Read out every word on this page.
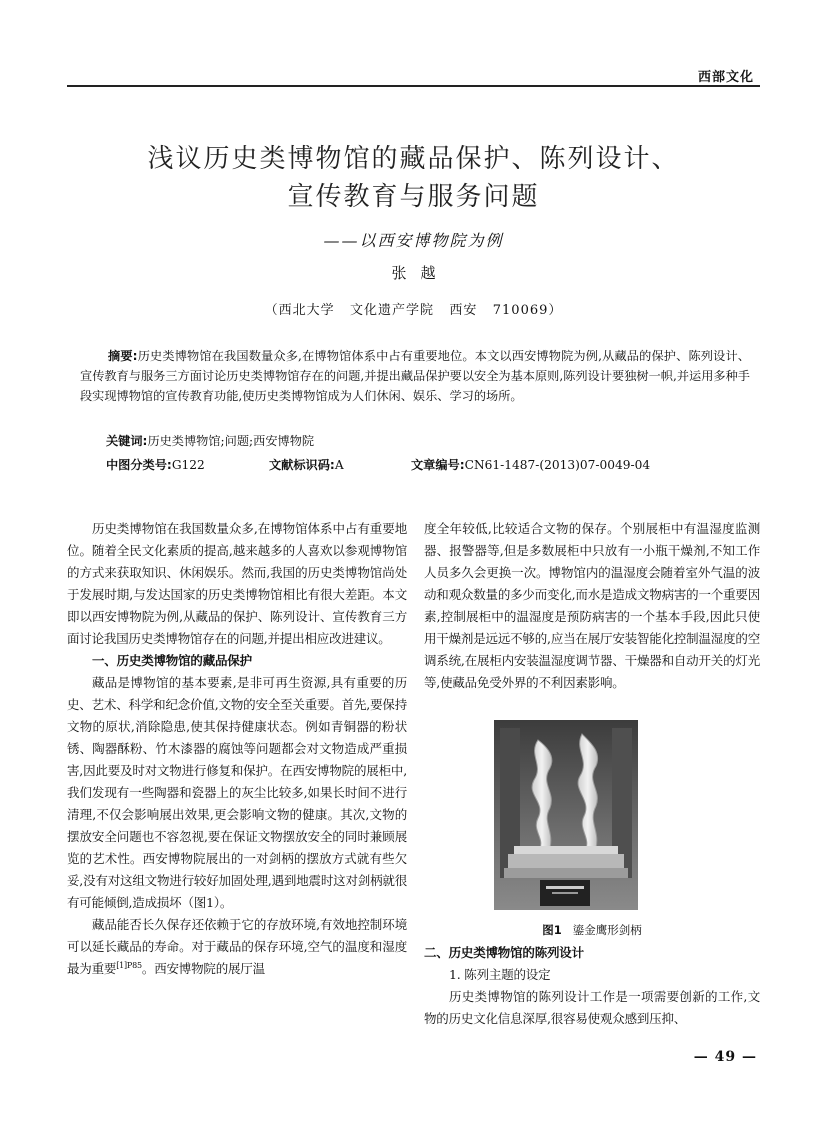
西部文化
浅议历史类博物馆的藏品保护、陈列设计、
宣传教育与服务问题
——以西安博物院为例
张越
（西北大学   文化遗产学院   西安   710069）
摘要:历史类博物馆在我国数量众多,在博物馆体系中占有重要地位。本文以西安博物院为例,从藏品的保护、陈列设计、宣传教育与服务三方面讨论历史类博物馆存在的问题,并提出藏品保护要以安全为基本原则,陈列设计要独树一帜,并运用多种手段实现博物馆的宣传教育功能,使历史类博物馆成为人们休闲、娱乐、学习的场所。
关键词:历史类博物馆;问题;西安博物院
中图分类号:G122	文献标识码:A	文章编号:CN61-1487-(2013)07-0049-04

历史类博物馆在我国数量众多,在博物馆体系中占有重要地位。随着全民文化素质的提高,越来越多的人喜欢以参观博物馆的方式来获取知识、休闲娱乐。然而,我国的历史类博物馆尚处于发展时期,与发达国家的历史类博物馆相比有很大差距。本文即以西安博物院为例,从藏品的保护、陈列设计、宣传教育三方面讨论我国历史类博物馆存在的问题,并提出相应改进建议。

一、历史类博物馆的藏品保护

藏品是博物馆的基本要素,是非可再生资源,具有重要的历史、艺术、科学和纪念价值,文物的安全至关重要。首先,要保持文物的原状,消除隐患,使其保持健康状态。例如青铜器的粉状锈、陶器酥粉、竹木漆器的腐蚀等问题都会对文物造成严重损害,因此要及时对文物进行修复和保护。在西安博物院的展柜中,我们发现有一些陶器和瓷器上的灰尘比较多,如果长时间不进行清理,不仅会影响展出效果,更会影响文物的健康。其次,文物的摆放安全问题也不容忽视,要在保证文物摆放安全的同时兼顾展览的艺术性。西安博物院展出的一对剑柄的摆放方式就有些欠妥,没有对这组文物进行较好加固处理,遇到地震时这对剑柄就很有可能倾倒,造成损坏（图1）。

藏品能否长久保存还依赖于它的存放环境,有效地控制环境可以延长藏品的寿命。对于藏品的保存环境,空气的温度和湿度最为重要$^{[1]P85}$。西安博物院的展厅温

度全年较低,比较适合文物的保存。个别展柜中有温湿度监测器、报警器等,但是多数展柜中只放有一小瓶干燥剂,不知工作人员多久会更换一次。博物馆内的温湿度会随着室外气温的波动和观众数量的多少而变化,而水是造成文物病害的一个重要因素,控制展柜中的温湿度是预防病害的一个基本手段,因此只使用干燥剂是远远不够的,应当在展厅安装智能化控制温湿度的空调系统,在展柜内安装温湿度调节器、干燥器和自动开关的灯光等,使藏品免受外界的不利因素影响。

图1 鎏金鹰形剑柄
二、历史类博物馆的陈列设计
1. 陈列主题的设定

历史类博物馆的陈列设计工作是一项需要创新的工作,文物的历史文化信息深厚,很容易使观众感到压抑、

— 49 —
